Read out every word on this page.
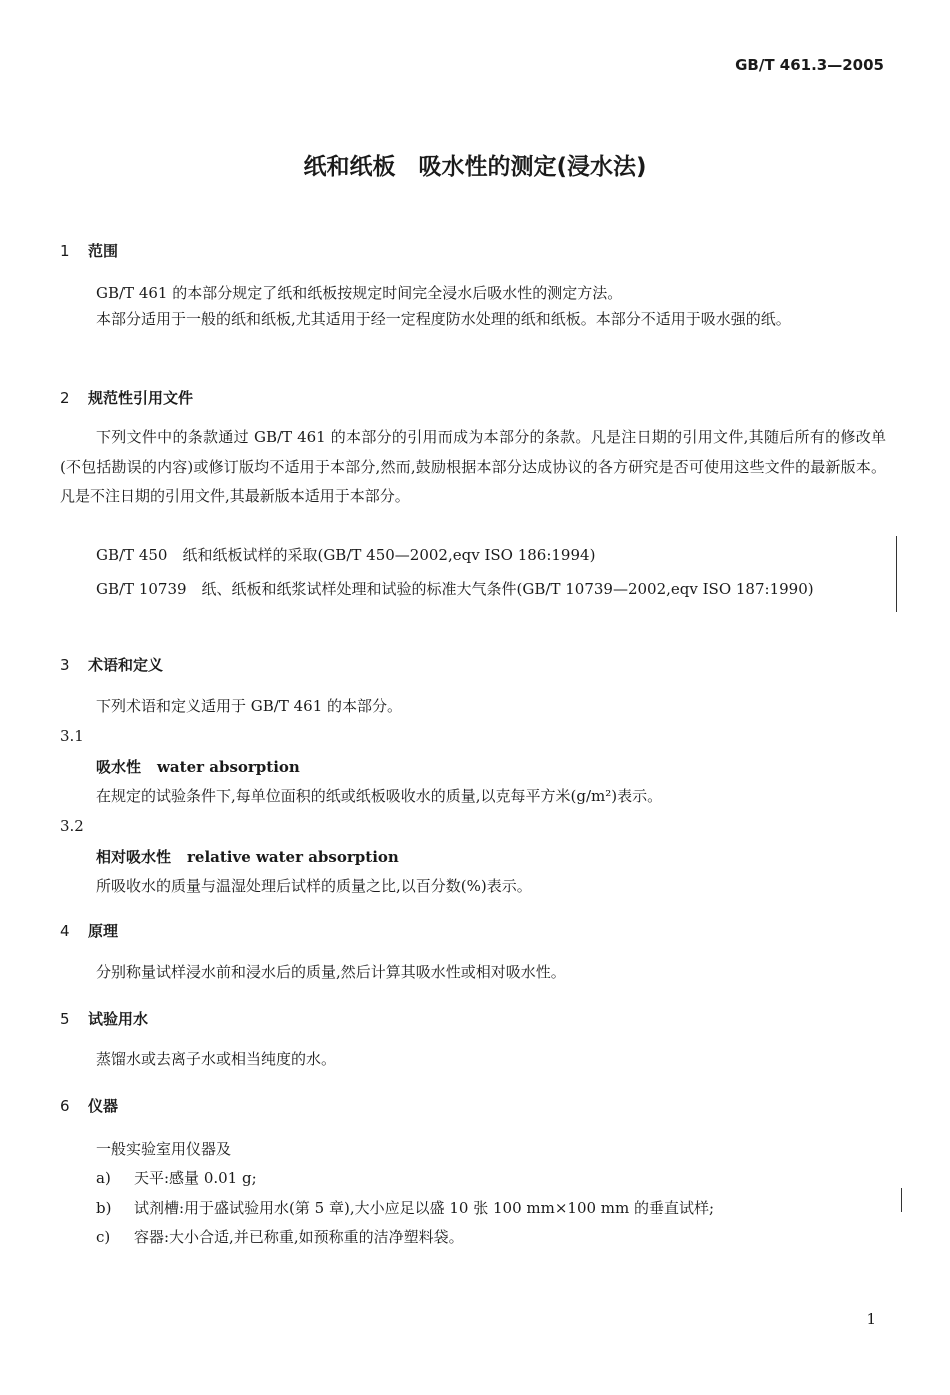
GB/T 461.3—2005
纸和纸板　吸水性的测定(浸水法)
1 范围
GB/T 461 的本部分规定了纸和纸板按规定时间完全浸水后吸水性的测定方法。
本部分适用于一般的纸和纸板,尤其适用于经一定程度防水处理的纸和纸板。本部分不适用于吸水强的纸。
2 规范性引用文件
下列文件中的条款通过 GB/T 461 的本部分的引用而成为本部分的条款。凡是注日期的引用文件,其随后所有的修改单(不包括勘误的内容)或修订版均不适用于本部分,然而,鼓励根据本部分达成协议的各方研究是否可使用这些文件的最新版本。凡是不注日期的引用文件,其最新版本适用于本部分。
GB/T 450　纸和纸板试样的采取(GB/T 450—2002,eqv ISO 186:1994)
GB/T 10739　纸、纸板和纸浆试样处理和试验的标准大气条件(GB/T 10739—2002,eqv ISO 187:1990)
3 术语和定义
下列术语和定义适用于 GB/T 461 的本部分。
3.1
吸水性 water absorption
在规定的试验条件下,每单位面积的纸或纸板吸收水的质量,以克每平方米(g/m²)表示。
3.2
相对吸水性 relative water absorption
所吸收水的质量与温湿处理后试样的质量之比,以百分数(%)表示。
4 原理
分别称量试样浸水前和浸水后的质量,然后计算其吸水性或相对吸水性。
5 试验用水
蒸馏水或去离子水或相当纯度的水。
6 仪器
一般实验室用仪器及
a) 天平:感量 0.01 g;
b) 试剂槽:用于盛试验用水(第 5 章),大小应足以盛 10 张 100 mm×100 mm 的垂直试样;
c) 容器:大小合适,并已称重,如预称重的洁净塑料袋。
1
